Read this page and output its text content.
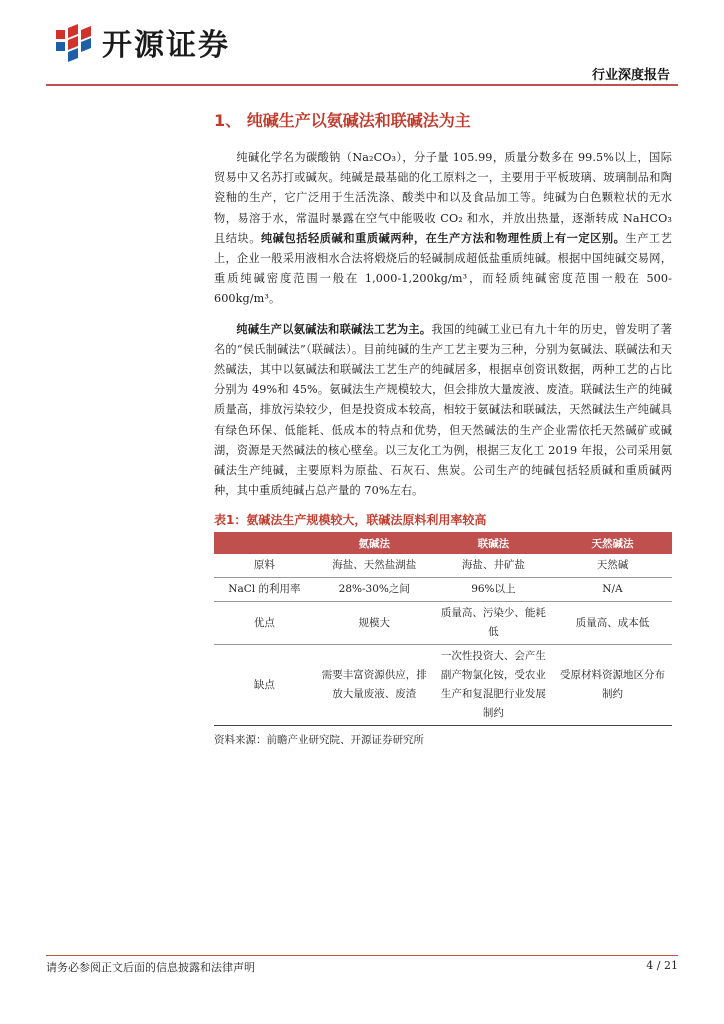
开源证券
行业深度报告
1、 纯碱生产以氨碱法和联碱法为主

纯碱化学名为碳酸钠（Na₂CO₃），分子量 105.99，质量分数多在 99.5%以上，国际贸易中又名苏打或碱灰。纯碱是最基础的化工原料之一，主要用于平板玻璃、玻璃制品和陶瓷釉的生产，它广泛用于生活洗涤、酸类中和以及食品加工等。纯碱为白色颗粒状的无水物，易溶于水，常温时暴露在空气中能吸收 CO₂ 和水，并放出热量，逐渐转成 NaHCO₃ 且结块。纯碱包括轻质碱和重质碱两种，在生产方法和物理性质上有一定区别。生产工艺上，企业一般采用液相水合法将煅烧后的轻碱制成超低盐重质纯碱。根据中国纯碱交易网，重质纯碱密度范围一般在 1,000-1,200kg/m³，而轻质纯碱密度范围一般在 500-600kg/m³。

纯碱生产以氨碱法和联碱法工艺为主。我国的纯碱工业已有九十年的历史，曾发明了著名的“侯氏制碱法”（联碱法）。目前纯碱的生产工艺主要为三种，分别为氨碱法、联碱法和天然碱法，其中以氨碱法和联碱法工艺生产的纯碱居多，根据卓创资讯数据，两种工艺的占比分别为 49%和 45%。氨碱法生产规模较大，但会排放大量废液、废渣。联碱法生产的纯碱质量高，排放污染较少，但是投资成本较高，相较于氨碱法和联碱法，天然碱法生产纯碱具有绿色环保、低能耗、低成本的特点和优势，但天然碱法的生产企业需依托天然碱矿或碱湖，资源是天然碱法的核心壁垒。以三友化工为例，根据三友化工 2019 年报，公司采用氨碱法生产纯碱，主要原料为原盐、石灰石、焦炭。公司生产的纯碱包括轻质碱和重质碱两种，其中重质纯碱占总产量的 70%左右。

表1：氨碱法生产规模较大，联碱法原料利用率较高
	氨碱法	联碱法	天然碱法
原料	海盐、天然盐湖盐	海盐、井矿盐	天然碱
NaCl 的利用率	28%-30%之间	96%以上	N/A
优点	规模大	质量高、污染少、能耗低	质量高、成本低
缺点	需要丰富资源供应，排放大量废液、废渣	一次性投资大、会产生副产物氯化铵，受农业生产和复混肥行业发展制约	受原材料资源地区分布制约
资料来源：前瞻产业研究院、开源证券研究所
请务必参阅正文后面的信息披露和法律声明	4 / 21
